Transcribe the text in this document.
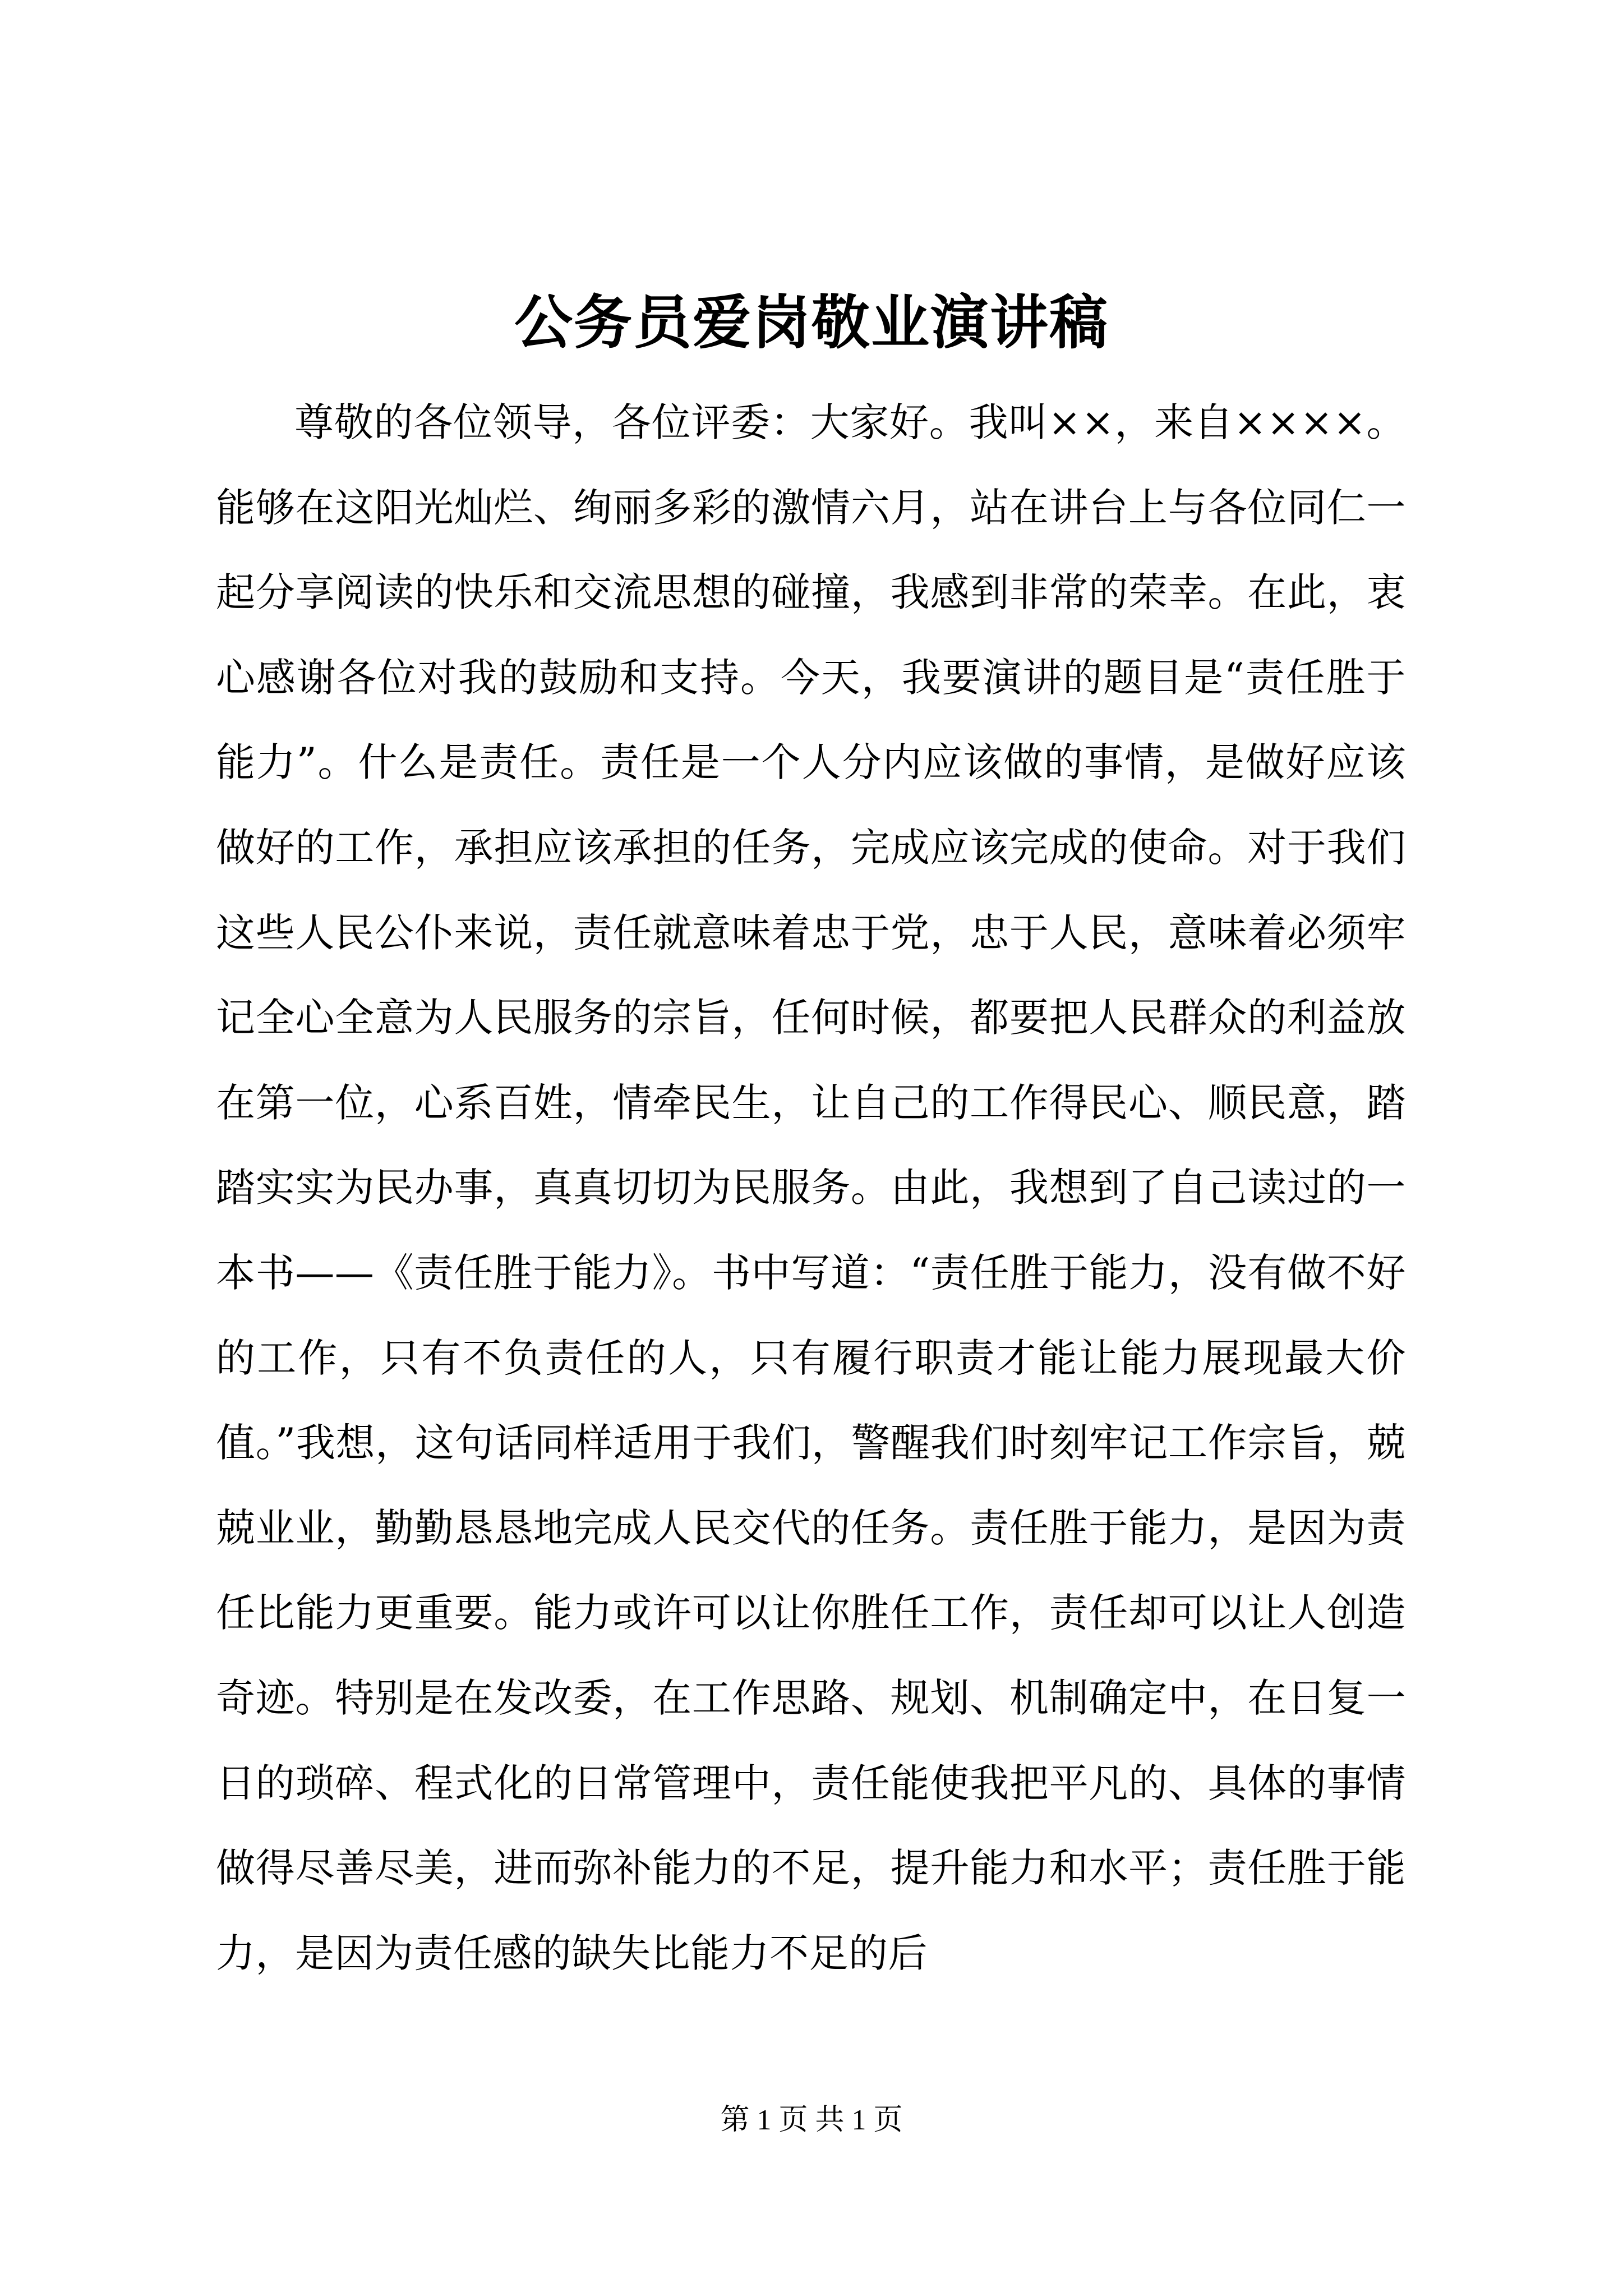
公务员爱岗敬业演讲稿

尊敬的各位领导，各位评委：大家好。我叫××，来自××××。能够在这阳光灿烂、绚丽多彩的激情六月，站在讲台上与各位同仁一起分享阅读的快乐和交流思想的碰撞，我感到非常的荣幸。在此，衷心感谢各位对我的鼓励和支持。今天，我要演讲的题目是“责任胜于能力”。什么是责任。责任是一个人分内应该做的事情，是做好应该做好的工作，承担应该承担的任务，完成应该完成的使命。对于我们这些人民公仆来说，责任就意味着忠于党，忠于人民，意味着必须牢记全心全意为人民服务的宗旨，任何时候，都要把人民群众的利益放在第一位，心系百姓，情牵民生，让自己的工作得民心、顺民意，踏踏实实为民办事，真真切切为民服务。由此，我想到了自己读过的一本书——《责任胜于能力》。书中写道：“责任胜于能力，没有做不好的工作，只有不负责任的人，只有履行职责才能让能力展现最大价值。”我想，这句话同样适用于我们，警醒我们时刻牢记工作宗旨，兢兢业业，勤勤恳恳地完成人民交代的任务。责任胜于能力，是因为责任比能力更重要。能力或许可以让你胜任工作，责任却可以让人创造奇迹。特别是在发改委，在工作思路、规划、机制确定中，在日复一日的琐碎、程式化的日常管理中，责任能使我把平凡的、具体的事情做得尽善尽美，进而弥补能力的不足，提升能力和水平；责任胜于能力，是因为责任感的缺失比能力不足的后

第 1 页 共 1 页
